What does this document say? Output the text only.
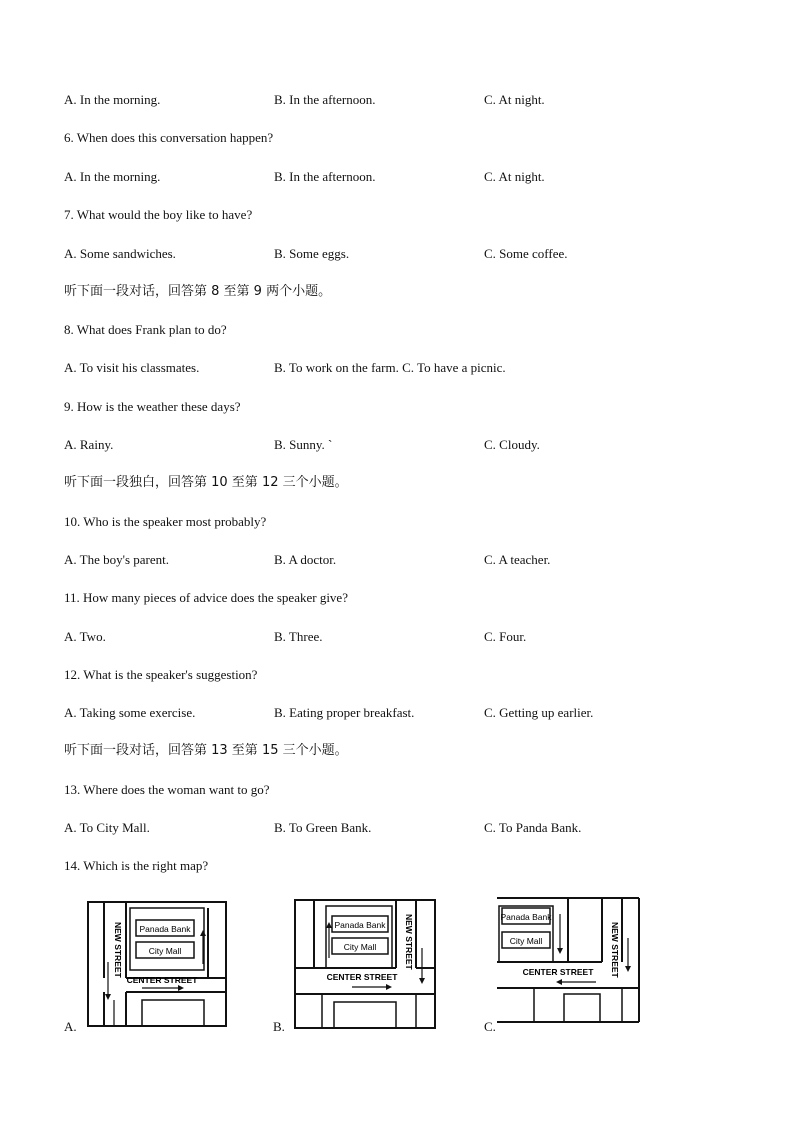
A. In the morning.	B. In the afternoon.	C. At night.
6. When does this conversation happen?
A. In the morning.	B. In the afternoon.	C. At night.
7. What would the boy like to have?
A. Some sandwiches.	B. Some eggs.	C. Some coffee.
听下面一段对话，回答第 8 至第 9 两个小题。
8. What does Frank plan to do?
A. To visit his classmates.	B. To work on the farm. C. To have a picnic.
9. How is the weather these days?
A. Rainy.	B. Sunny. `	C. Cloudy.
听下面一段独白，回答第 10 至第 12 三个小题。
10. Who is the speaker most probably?
A. The boy's parent.	B. A doctor.	C. A teacher.
11. How many pieces of advice does the speaker give?
A. Two.	B. Three.	C. Four.
12. What is the speaker's suggestion?
A. Taking some exercise.	B. Eating proper breakfast.	C. Getting up earlier.
听下面一段对话，回答第 13 至第 15 三个小题。
13. Where does the woman want to go?
A. To City Mall.	B. To Green Bank.	C. To Panda Bank.
14. Which is the right map?
A.
Panada Bank
City Mall
NEW STREET
CENTER STREET
B.
Panada Bank
City Mall	NEW STREET
CENTER STREET
C.
Panada Bank
City Mall	NEW STREET
CENTER STREET
